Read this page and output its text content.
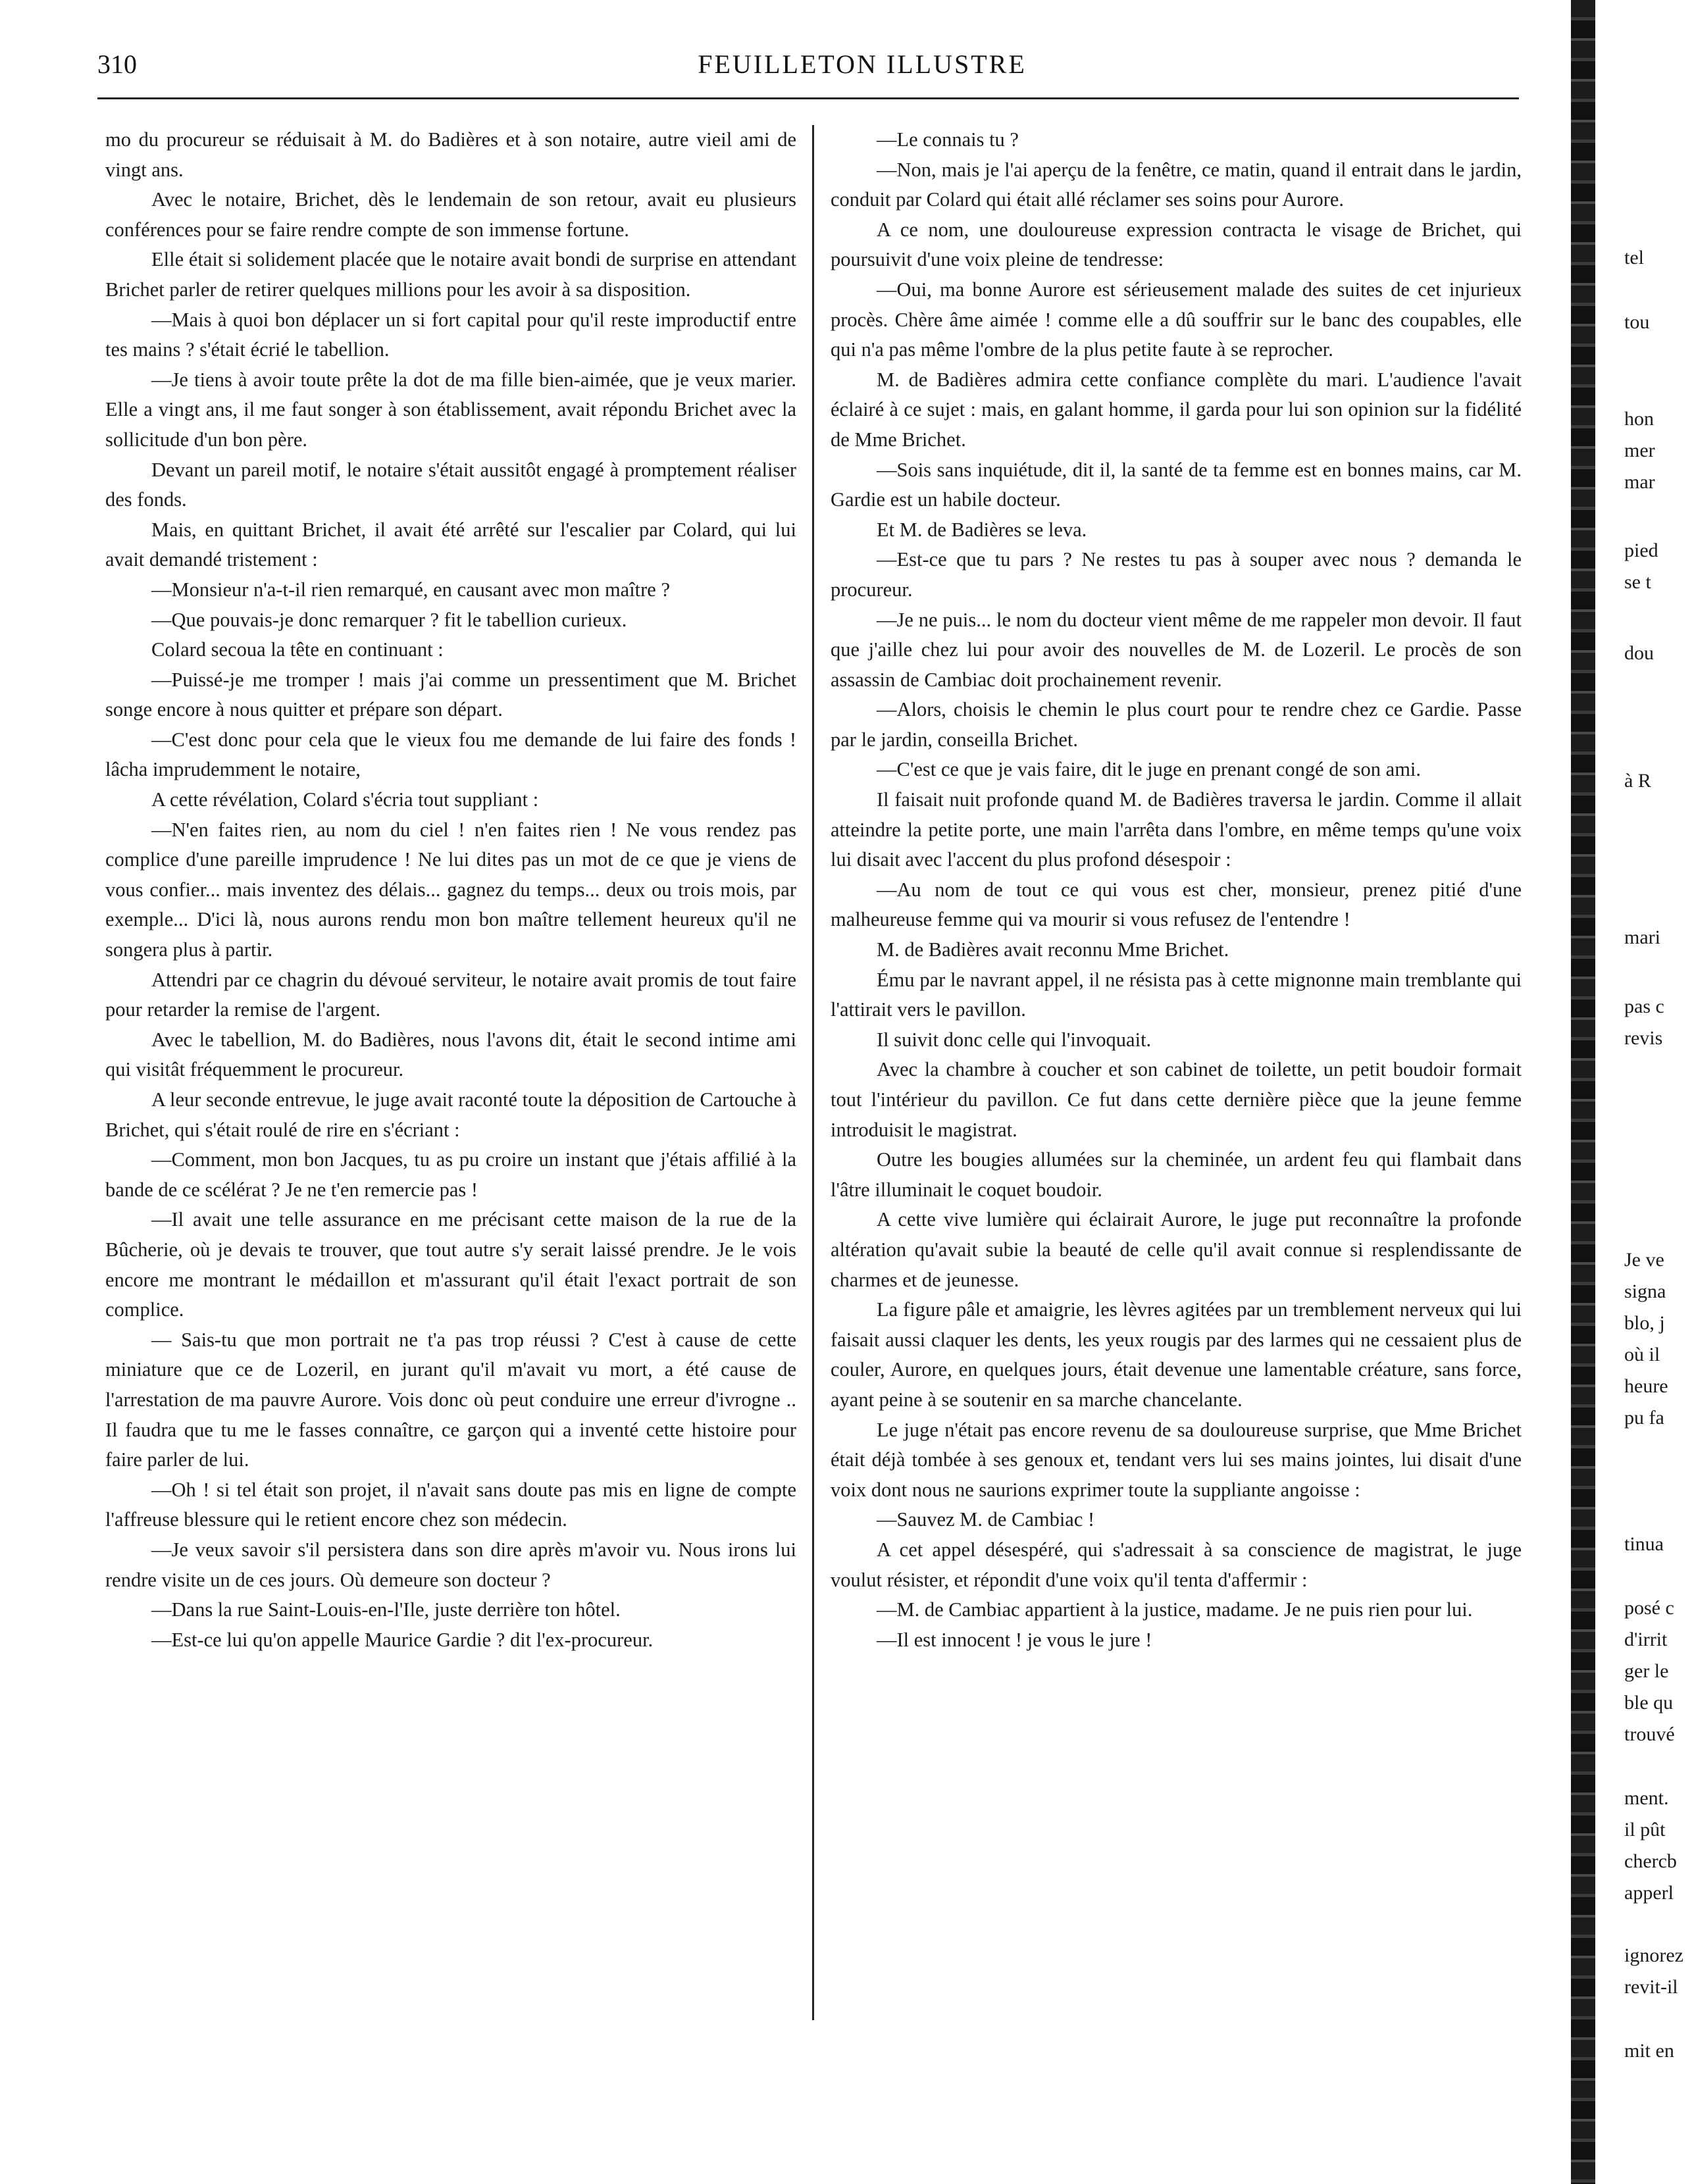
310	FEUILLETON ILLUSTRE

mo du procureur se réduisait à M. do Badières et à son notaire, autre vieil ami de vingt ans.

Avec le notaire, Brichet, dès le lendemain de son retour, avait eu plusieurs conférences pour se faire rendre compte de son immense fortune.

Elle était si solidement placée que le notaire avait bondi de surprise en attendant Brichet parler de retirer quelques millions pour les avoir à sa disposition.

—Mais à quoi bon déplacer un si fort capital pour qu'il reste improductif entre tes mains ? s'était écrié le tabellion.

—Je tiens à avoir toute prête la dot de ma fille bien-aimée, que je veux marier. Elle a vingt ans, il me faut songer à son établissement, avait répondu Brichet avec la sollicitude d'un bon père.

Devant un pareil motif, le notaire s'était aussitôt engagé à promptement réaliser des fonds.

Mais, en quittant Brichet, il avait été arrêté sur l'escalier par Colard, qui lui avait demandé tristement :

—Monsieur n'a-t-il rien remarqué, en causant avec mon maître ?

—Que pouvais-je donc remarquer ? fit le tabellion curieux.

Colard secoua la tête en continuant :

—Puissé-je me tromper ! mais j'ai comme un pressentiment que M. Brichet songe encore à nous quitter et prépare son départ.

—C'est donc pour cela que le vieux fou me demande de lui faire des fonds ! lâcha imprudemment le notaire,

A cette révélation, Colard s'écria tout suppliant :

—N'en faites rien, au nom du ciel ! n'en faites rien ! Ne vous rendez pas complice d'une pareille imprudence ! Ne lui dites pas un mot de ce que je viens de vous confier... mais inventez des délais... gagnez du temps... deux ou trois mois, par exemple... D'ici là, nous aurons rendu mon bon maître tellement heureux qu'il ne songera plus à partir.

Attendri par ce chagrin du dévoué serviteur, le notaire avait promis de tout faire pour retarder la remise de l'argent.

Avec le tabellion, M. do Badières, nous l'avons dit, était le second intime ami qui visitât fréquemment le procureur.

A leur seconde entrevue, le juge avait raconté toute la déposition de Cartouche à Brichet, qui s'était roulé de rire en s'écriant :

—Comment, mon bon Jacques, tu as pu croire un instant que j'étais affilié à la bande de ce scélérat ? Je ne t'en remercie pas !

—Il avait une telle assurance en me précisant cette maison de la rue de la Bûcherie, où je devais te trouver, que tout autre s'y serait laissé prendre. Je le vois encore me montrant le médaillon et m'assurant qu'il était l'exact portrait de son complice.

— Sais-tu que mon portrait ne t'a pas trop réussi ? C'est à cause de cette miniature que ce de Lozeril, en jurant qu'il m'avait vu mort, a été cause de l'arrestation de ma pauvre Aurore. Vois donc où peut conduire une erreur d'ivrogne .. Il faudra que tu me le fasses connaître, ce garçon qui a inventé cette histoire pour faire parler de lui.

—Oh ! si tel était son projet, il n'avait sans doute pas mis en ligne de compte l'affreuse blessure qui le retient encore chez son médecin.

—Je veux savoir s'il persistera dans son dire après m'avoir vu. Nous irons lui rendre visite un de ces jours. Où demeure son docteur ?

—Dans la rue Saint-Louis-en-l'Ile, juste derrière ton hôtel.

—Est-ce lui qu'on appelle Maurice Gardie ? dit l'ex-procureur.

—Le connais tu ?

—Non, mais je l'ai aperçu de la fenêtre, ce matin, quand il entrait dans le jardin, conduit par Colard qui était allé réclamer ses soins pour Aurore.

A ce nom, une douloureuse expression contracta le visage de Brichet, qui poursuivit d'une voix pleine de tendresse:

—Oui, ma bonne Aurore est sérieusement malade des suites de cet injurieux procès. Chère âme aimée ! comme elle a dû souffrir sur le banc des coupables, elle qui n'a pas même l'ombre de la plus petite faute à se reprocher.

M. de Badières admira cette confiance complète du mari. L'audience l'avait éclairé à ce sujet : mais, en galant homme, il garda pour lui son opinion sur la fidélité de Mme Brichet.

—Sois sans inquiétude, dit il, la santé de ta femme est en bonnes mains, car M. Gardie est un habile docteur.

Et M. de Badières se leva.

—Est-ce que tu pars ? Ne restes tu pas à souper avec nous ? demanda le procureur.

—Je ne puis... le nom du docteur vient même de me rappeler mon devoir. Il faut que j'aille chez lui pour avoir des nouvelles de M. de Lozeril. Le procès de son assassin de Cambiac doit prochainement revenir.

—Alors, choisis le chemin le plus court pour te rendre chez ce Gardie. Passe par le jardin, conseilla Brichet.

—C'est ce que je vais faire, dit le juge en prenant congé de son ami.

Il faisait nuit profonde quand M. de Badières traversa le jardin. Comme il allait atteindre la petite porte, une main l'arrêta dans l'ombre, en même temps qu'une voix lui disait avec l'accent du plus profond désespoir :

—Au nom de tout ce qui vous est cher, monsieur, prenez pitié d'une malheureuse femme qui va mourir si vous refusez de l'entendre !

M. de Badières avait reconnu Mme Brichet.

Ému par le navrant appel, il ne résista pas à cette mignonne main tremblante qui l'attirait vers le pavillon.

Il suivit donc celle qui l'invoquait.

Avec la chambre à coucher et son cabinet de toilette, un petit boudoir formait tout l'intérieur du pavillon. Ce fut dans cette dernière pièce que la jeune femme introduisit le magistrat.

Outre les bougies allumées sur la cheminée, un ardent feu qui flambait dans l'âtre illuminait le coquet boudoir.

A cette vive lumière qui éclairait Aurore, le juge put reconnaître la profonde altération qu'avait subie la beauté de celle qu'il avait connue si resplendissante de charmes et de jeunesse.

La figure pâle et amaigrie, les lèvres agitées par un tremblement nerveux qui lui faisait aussi claquer les dents, les yeux rougis par des larmes qui ne cessaient plus de couler, Aurore, en quelques jours, était devenue une lamentable créature, sans force, ayant peine à se soutenir en sa marche chancelante.

Le juge n'était pas encore revenu de sa douloureuse surprise, que Mme Brichet était déjà tombée à ses genoux et, tendant vers lui ses mains jointes, lui disait d'une voix dont nous ne saurions exprimer toute la suppliante angoisse :

—Sauvez M. de Cambiac !

A cet appel désespéré, qui s'adressait à sa conscience de magistrat, le juge voulut résister, et répondit d'une voix qu'il tenta d'affermir :

—M. de Cambiac appartient à la justice, madame. Je ne puis rien pour lui.

—Il est innocent ! je vous le jure !

tel
tou
hon
mer
mar
pied
se t
dou
à R
mari
pas c
revis
Je ve
signa
blo, j
où il
heure
pu fa
tinua
posé c
d'irrit
ger le
ble qu
trouvé
ment.
il pût
chercb
apperl
ignorez
revit-il
mit en
